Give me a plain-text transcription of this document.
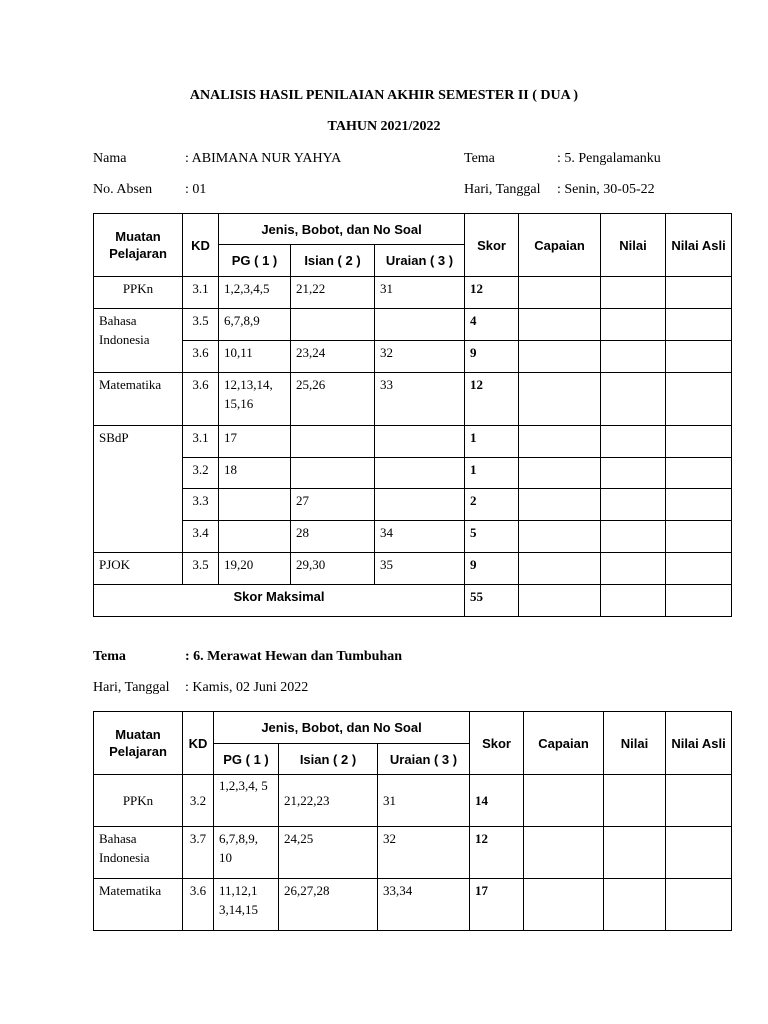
ANALISIS HASIL PENILAIAN AKHIR SEMESTER II ( DUA )
TAHUN 2021/2022
Nama	: ABIMANA NUR YAHYA	Tema	: 5. Pengalamanku
No. Absen : 01	Hari, Tanggal : Senin, 30-05-22
Muatan Pelajaran	KD	Jenis, Bobot, dan No Soal			Skor	Capaian	Nilai	Nilai Asli
		PG ( 1 )	Isian ( 2 )	Uraian ( 3 )				
PPKn	3.1	1,2,3,4,5	21,22	31	12			
Bahasa Indonesia	3.5	6,7,8,9			4			
	3.6	10,11	23,24	32	9			
Matematika	3.6	12,13,14, 15,16	25,26	33	12			
SBdP	3.1	17			1			
	3.2	18			1			
	3.3		27		2			
	3.4		28	34	5			
PJOK	3.5	19,20	29,30	35	9			
Skor Maksimal					55			
Tema	: 6. Merawat Hewan dan Tumbuhan
Hari, Tanggal : Kamis, 02 Juni 2022
Muatan Pelajaran	KD	Jenis, Bobot, dan No Soal			Skor	Capaian	Nilai	Nilai Asli
		PG ( 1 )	Isian ( 2 )	Uraian ( 3 )				
PPKn	3.2	1,2,3,4, 5	21,22,23	31	14			
Bahasa Indonesia	3.7	6,7,8,9, 10	24,25	32	12			
Matematika	3.6	11,12,1 3,14,15	26,27,28	33,34	17			
